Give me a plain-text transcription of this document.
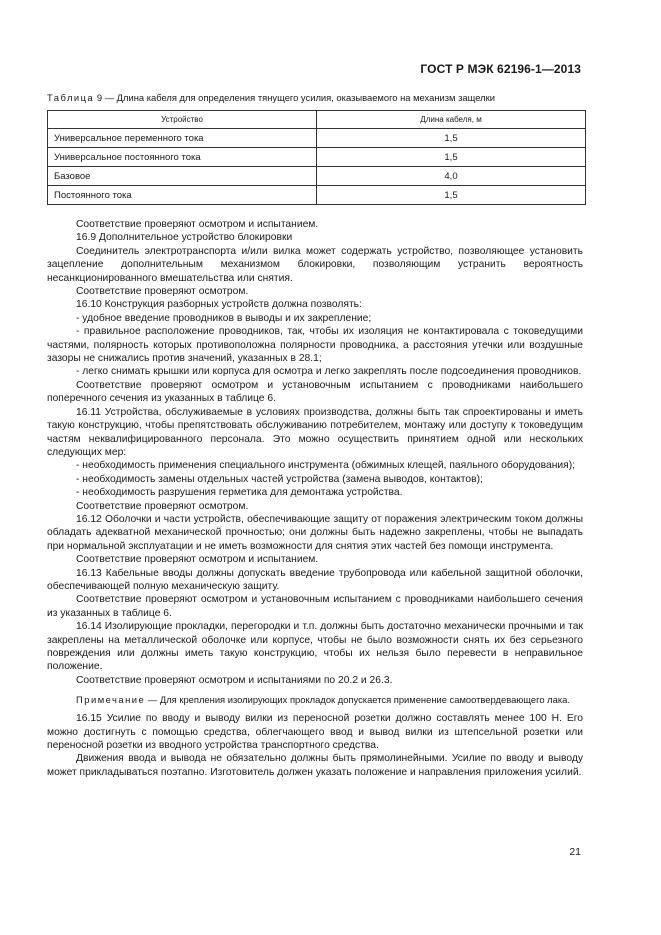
ГОСТ Р МЭК 62196-1—2013
Таблица 9 — Длина кабеля для определения тянущего усилия, оказываемого на механизм защелки
Устройство	Длина кабеля, м
Универсальное переменного тока	1,5
Универсальное постоянного тока	1,5
Базовое	4,0
Постоянного тока	1,5

Соответствие проверяют осмотром и испытанием.

16.9 Дополнительное устройство блокировки

Соединитель электротранспорта и/или вилка может содержать устройство, позволяющее установить зацепление дополнительным механизмом блокировки, позволяющим устранить вероятность несанкционированного вмешательства или снятия.

Соответствие проверяют осмотром.

16.10 Конструкция разборных устройств должна позволять:

- удобное введение проводников в выводы и их закрепление;

- правильное расположение проводников, так, чтобы их изоляция не контактировала с токоведущими частями, полярность которых противоположна полярности проводника, а расстояния утечки или воздушные зазоры не снижались против значений, указанных в 28.1;

- легко снимать крышки или корпуса для осмотра и легко закреплять после подсоединения проводников.

Соответствие проверяют осмотром и установочным испытанием с проводниками наибольшего поперечного сечения из указанных в таблице 6.

16.11 Устройства, обслуживаемые в условиях производства, должны быть так спроектированы и иметь такую конструкцию, чтобы препятствовать обслуживанию потребителем, монтажу или доступу к токоведущим частям неквалифицированного персонала. Это можно осуществить принятием одной или нескольких следующих мер:

- необходимость применения специального инструмента (обжимных клещей, паяльного оборудования);

- необходимость замены отдельных частей устройства (замена выводов, контактов);

- необходимость разрушения герметика для демонтажа устройства.

Соответствие проверяют осмотром.

16.12 Оболочки и части устройств, обеспечивающие защиту от поражения электрическим током должны обладать адекватной механической прочностью; они должны быть надежно закреплены, чтобы не выпадать при нормальной эксплуатации и не иметь возможности для снятия этих частей без помощи инструмента.

Соответствие проверяют осмотром и испытанием.

16.13 Кабельные вводы должны допускать введение трубопровода или кабельной защитной оболочки, обеспечивающей полную механическую защиту.

Соответствие проверяют осмотром и установочным испытанием с проводниками наибольшего сечения из указанных в таблице 6.

16.14 Изолирующие прокладки, перегородки и т.п. должны быть достаточно механически прочными и так закреплены на металлической оболочке или корпусе, чтобы не было возможности снять их без серьезного повреждения или должны иметь такую конструкцию, чтобы их нельзя было перевести в неправильное положение.

Соответствие проверяют осмотром и испытаниями по 20.2 и 26.3.

Примечание — Для крепления изолирующих прокладок допускается применение самоотвердевающего лака.

16.15 Усилие по вводу и выводу вилки из переносной розетки должно составлять менее 100 Н. Его можно достигнуть с помощью средства, облегчающего ввод и вывод вилки из штепсельной розетки или переносной розетки из вводного устройства транспортного средства.

Движения ввода и вывода не обязательно должны быть прямолинейными. Усилие по вводу и выводу может прикладываться поэтапно. Изготовитель должен указать положение и направления приложения усилий.

21
